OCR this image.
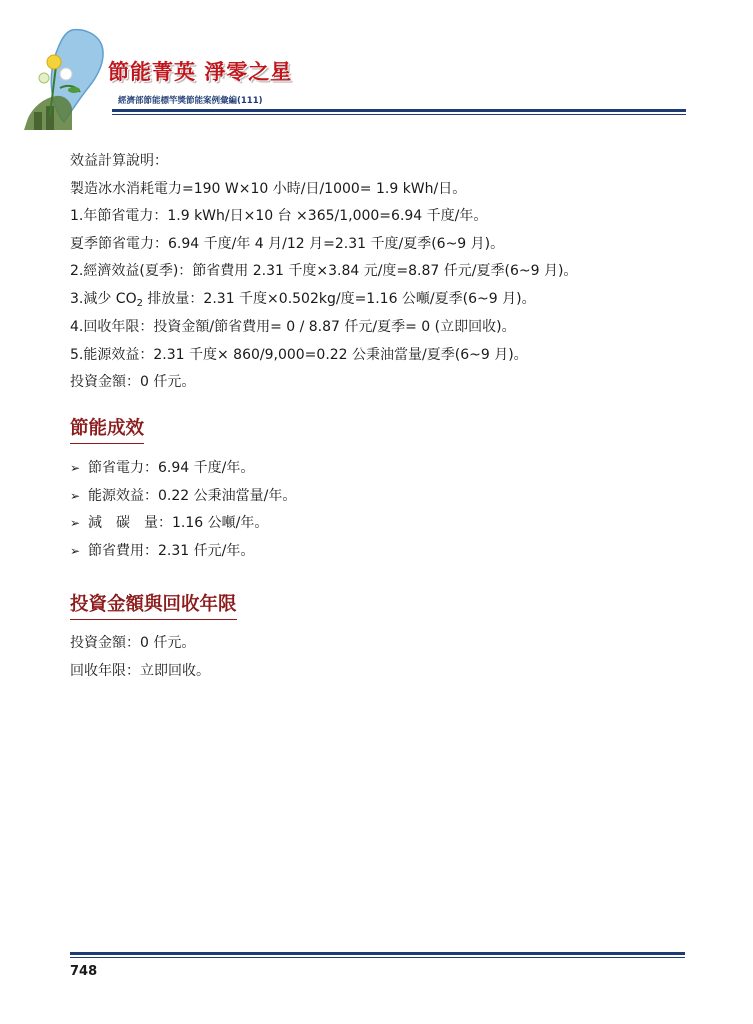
節能菁英 淨零之星
經濟部節能標竿獎節能案例彙編(111)
效益計算說明：
製造冰水消耗電力=190 W×10 小時/日/1000= 1.9 kWh/日。
1.年節省電力：1.9 kWh/日×10 台 ×365/1,000=6.94 千度/年。
夏季節省電力：6.94 千度/年 4 月/12 月=2.31 千度/夏季(6~9 月)。
2.經濟效益(夏季)：節省費用 2.31 千度×3.84 元/度=8.87 仟元/夏季(6~9 月)。
3.減少 $CO_2$ 排放量：2.31 千度×0.502kg/度=1.16 公噸/夏季(6~9 月)。
4.回收年限：投資金額/節省費用= 0 / 8.87 仟元/夏季= 0 (立即回收)。
5.能源效益：2.31 千度× 860/9,000=0.22 公秉油當量/夏季(6~9 月)。
投資金額：0 仟元。
節能成效
➢ 節省電力：6.94 千度/年。
➢ 能源效益：0.22 公秉油當量/年。
➢ 減　碳　量：1.16 公噸/年。
➢ 節省費用：2.31 仟元/年。
投資金額與回收年限
投資金額：0 仟元。
回收年限：立即回收。
748
